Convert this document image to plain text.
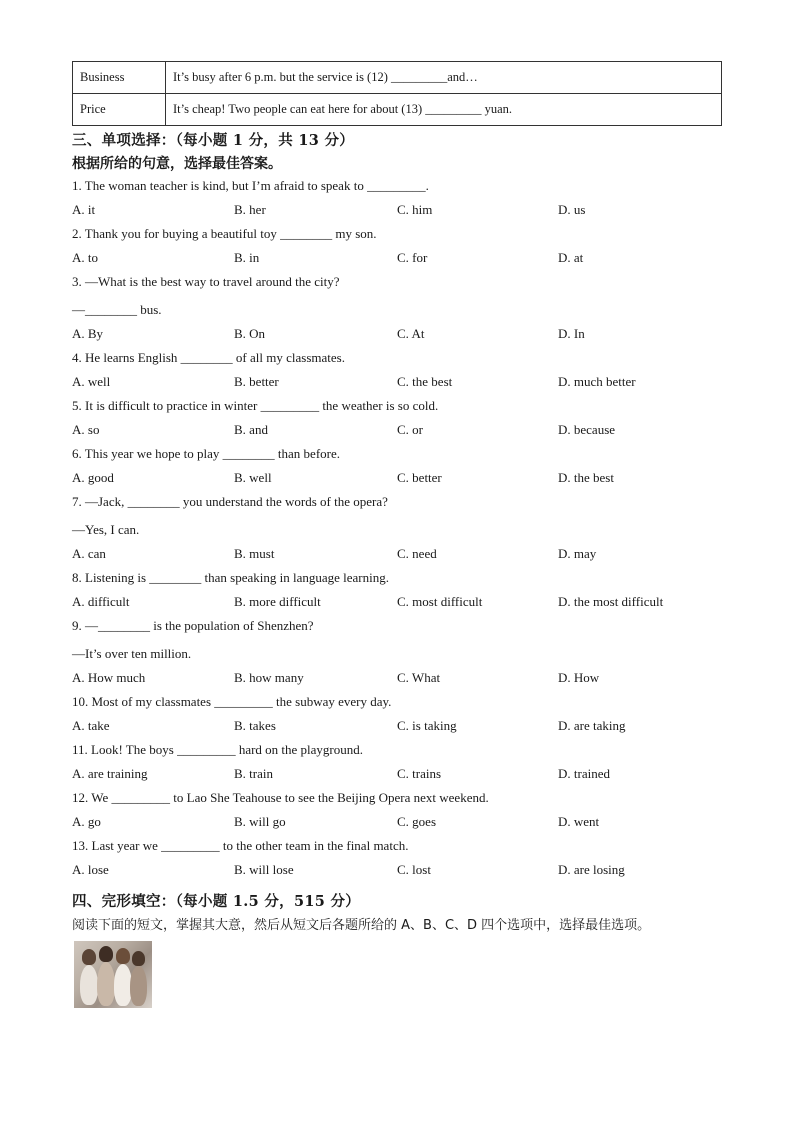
Business	It’s busy after 6 p.m. but the service is (12) _________and…
Price	It’s cheap! Two people can eat here for about (13) _________ yuan.
三、单项选择：（每小题 1 分，共 13 分）
根据所给的句意，选择最佳答案。
1. The woman teacher is kind, but I’m afraid to speak to _________.
A. it	B. her	C. him	D. us
2. Thank you for buying a beautiful toy ________ my son.
A. to	B. in	C. for	D. at
3. —What is the best way to travel around the city?
—________ bus.
A. By	B. On	C. At	D. In
4. He learns English ________ of all my classmates.
A. well	B. better	C. the best	D. much better
5. It is difficult to practice in winter _________ the weather is so cold.
A. so	B. and	C. or	D. because
6. This year we hope to play ________ than before.
A. good	B. well	C. better	D. the best
7. —Jack, ________ you understand the words of the opera?
—Yes, I can.
A. can	B. must	C. need	D. may
8. Listening is ________ than speaking in language learning.
A. difficult	B. more difficult	C. most difficult	D. the most difficult
9. —________ is the population of Shenzhen?
—It’s over ten million.
A. How much	B. how many	C. What	D. How
10. Most of my classmates _________ the subway every day.
A. take	B. takes	C. is taking	D. are taking
11. Look! The boys _________ hard on the playground.
A. are training	B. train	C. trains	D. trained
12. We _________ to Lao She Teahouse to see the Beijing Opera next weekend.
A. go	B. will go	C. goes	D. went
13. Last year we _________ to the other team in the final match.
A. lose	B. will lose	C. lost	D. are losing
四、完形填空：（每小题 1.5 分，515 分）
阅读下面的短文，掌握其大意，然后从短文后各题所给的 A、B、C、D 四个选项中，选择最佳选项。
